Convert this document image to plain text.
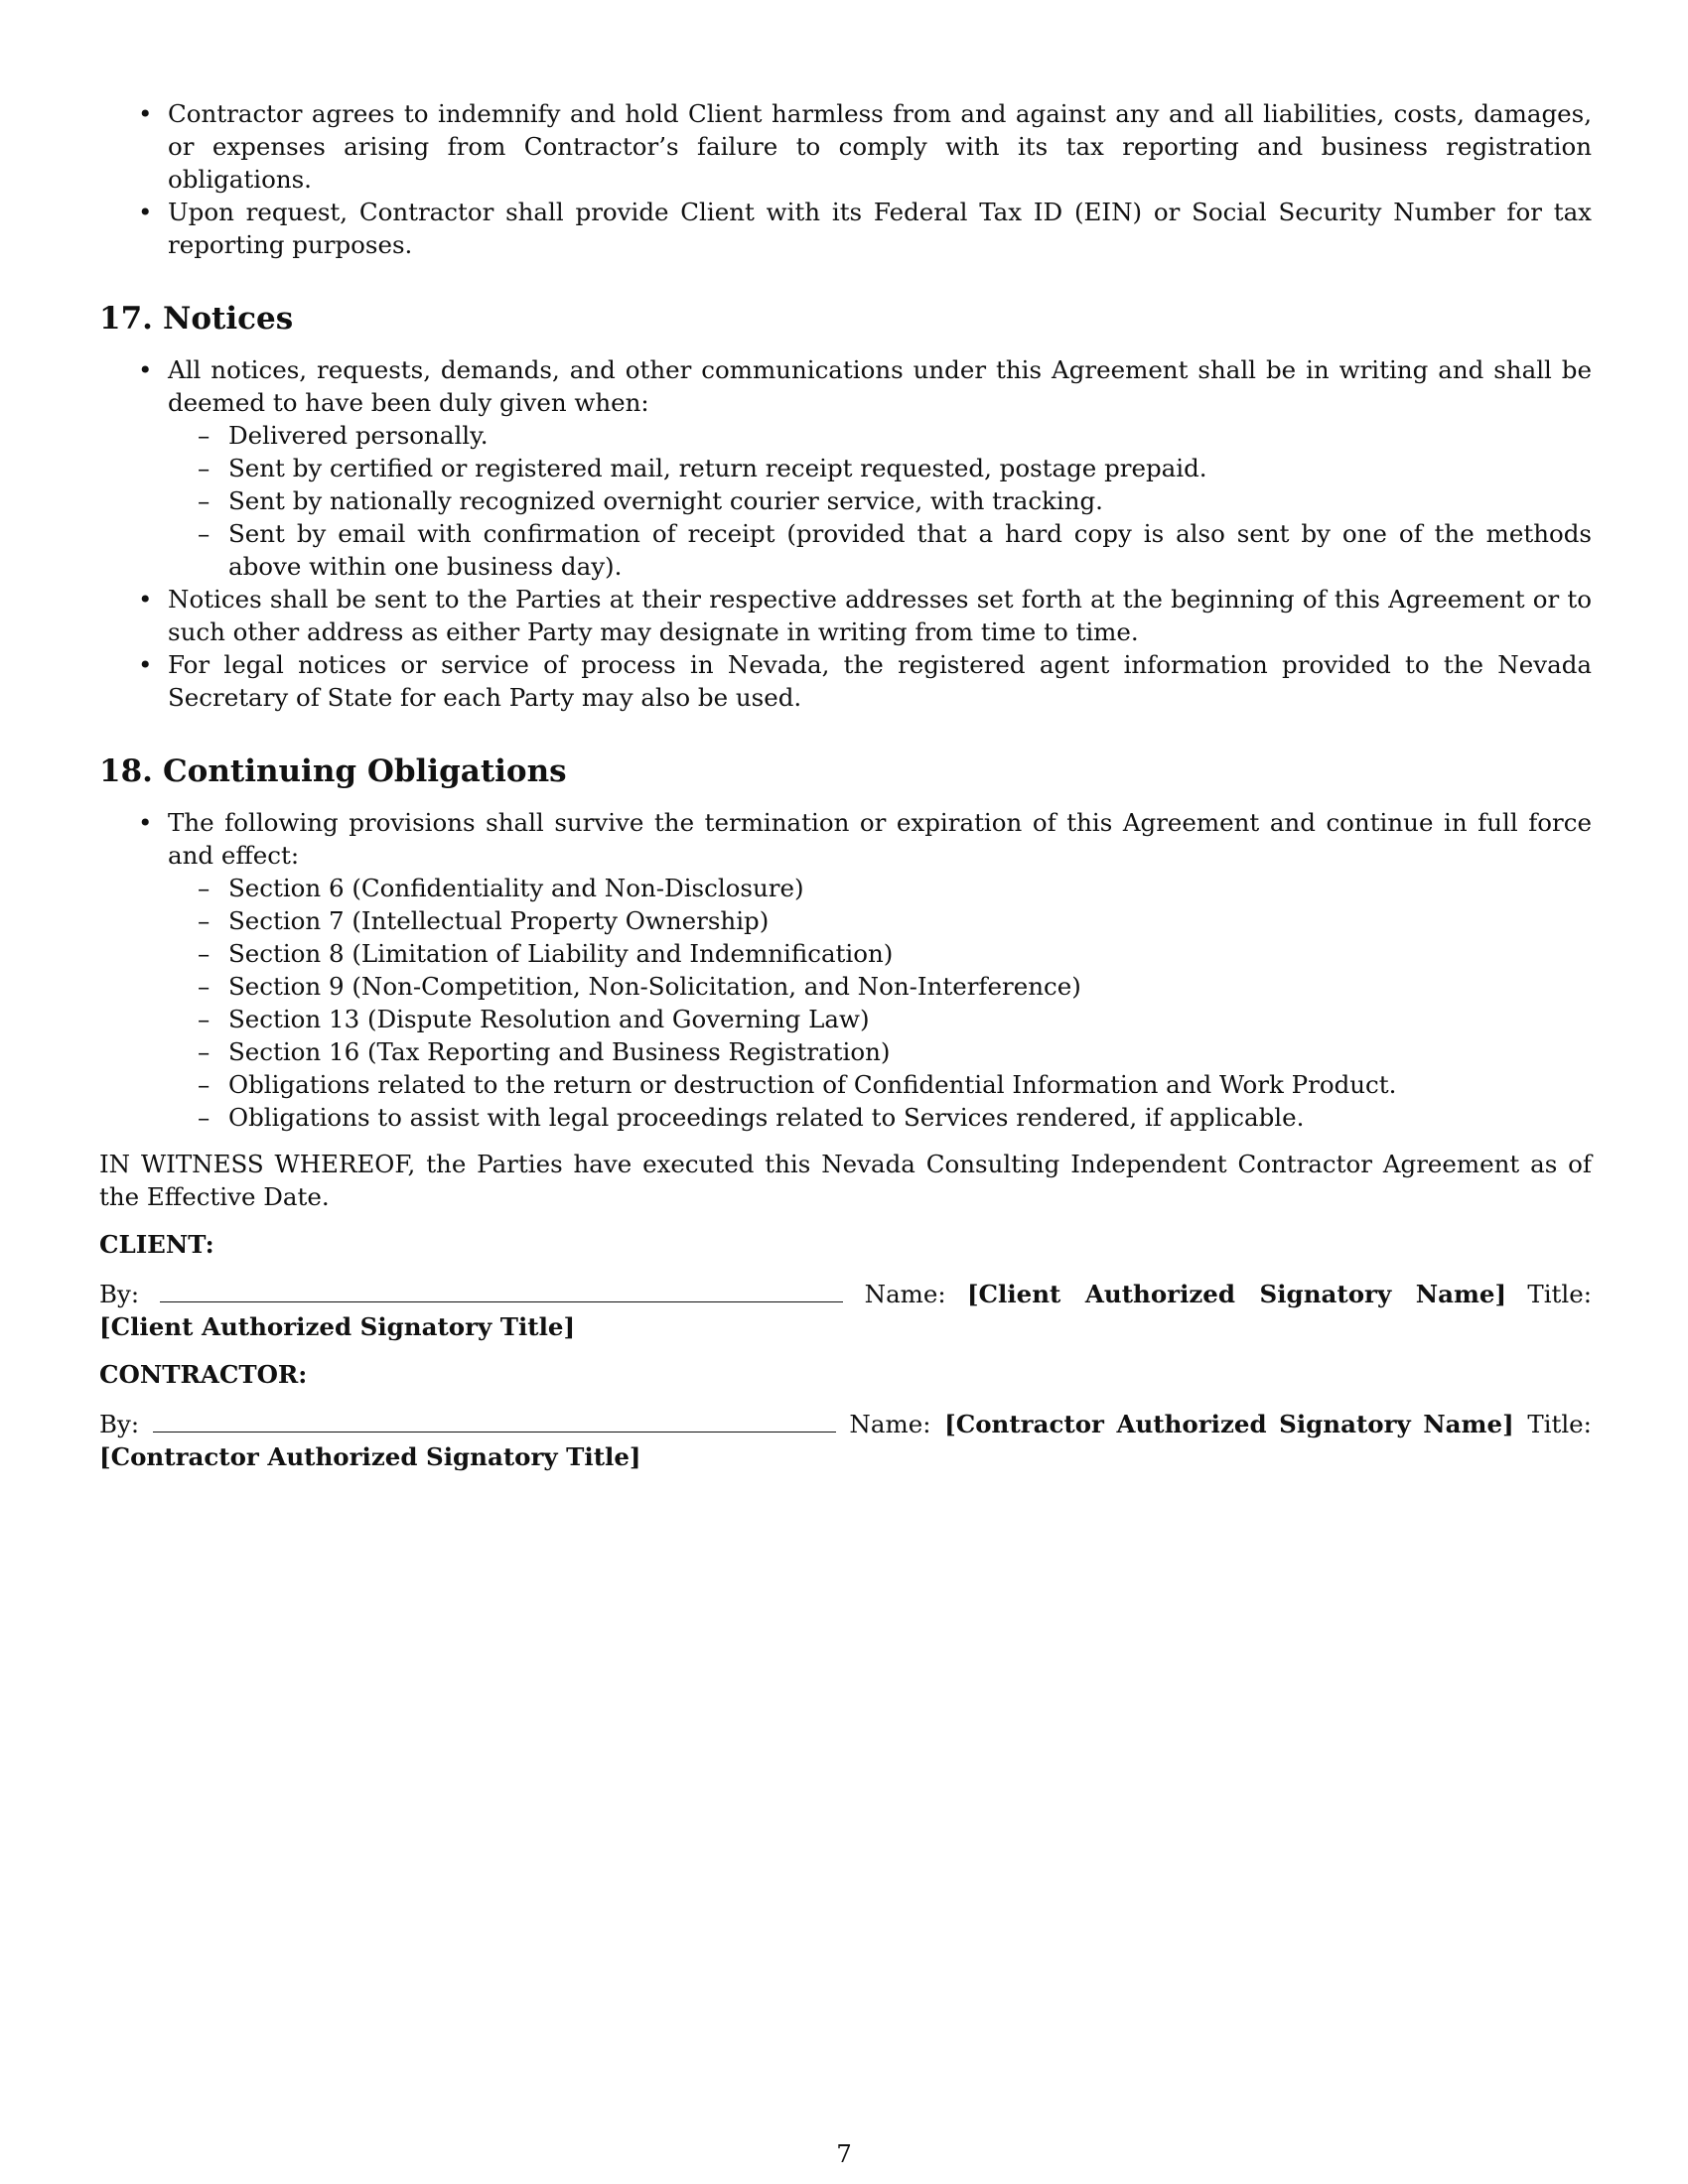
• Contractor agrees to indemnify and hold Client harmless from and against any and all liabilities, costs, damages, or expenses arising from Contractor’s failure to comply with its tax reporting and business registration obligations.
• Upon request, Contractor shall provide Client with its Federal Tax ID (EIN) or Social Security Number for tax reporting purposes.
17. Notices
• All notices, requests, demands, and other communications under this Agreement shall be in writing and shall be deemed to have been duly given when:
– Delivered personally.
– Sent by certified or registered mail, return receipt requested, postage prepaid.
– Sent by nationally recognized overnight courier service, with tracking.
– Sent by email with confirmation of receipt (provided that a hard copy is also sent by one of the methods above within one business day).
• Notices shall be sent to the Parties at their respective addresses set forth at the beginning of this Agreement or to such other address as either Party may designate in writing from time to time.
• For legal notices or service of process in Nevada, the registered agent information provided to the Nevada Secretary of State for each Party may also be used.
18. Continuing Obligations
• The following provisions shall survive the termination or expiration of this Agreement and continue in full force and effect:
– Section 6 (Confidentiality and Non-Disclosure)
– Section 7 (Intellectual Property Ownership)
– Section 8 (Limitation of Liability and Indemnification)
– Section 9 (Non-Competition, Non-Solicitation, and Non-Interference)
– Section 13 (Dispute Resolution and Governing Law)
– Section 16 (Tax Reporting and Business Registration)
– Obligations related to the return or destruction of Confidential Information and Work Product.
– Obligations to assist with legal proceedings related to Services rendered, if applicable.

IN WITNESS WHEREOF, the Parties have executed this Nevada Consulting Independent Contractor Agreement as of the Effective Date.

CLIENT:
By:	Name: [Client Authorized Signatory Name] Title:
[Client Authorized Signatory Title]
CONTRACTOR:
By:	Name: [Contractor Authorized Signatory Name] Title:
[Contractor Authorized Signatory Title]
7
